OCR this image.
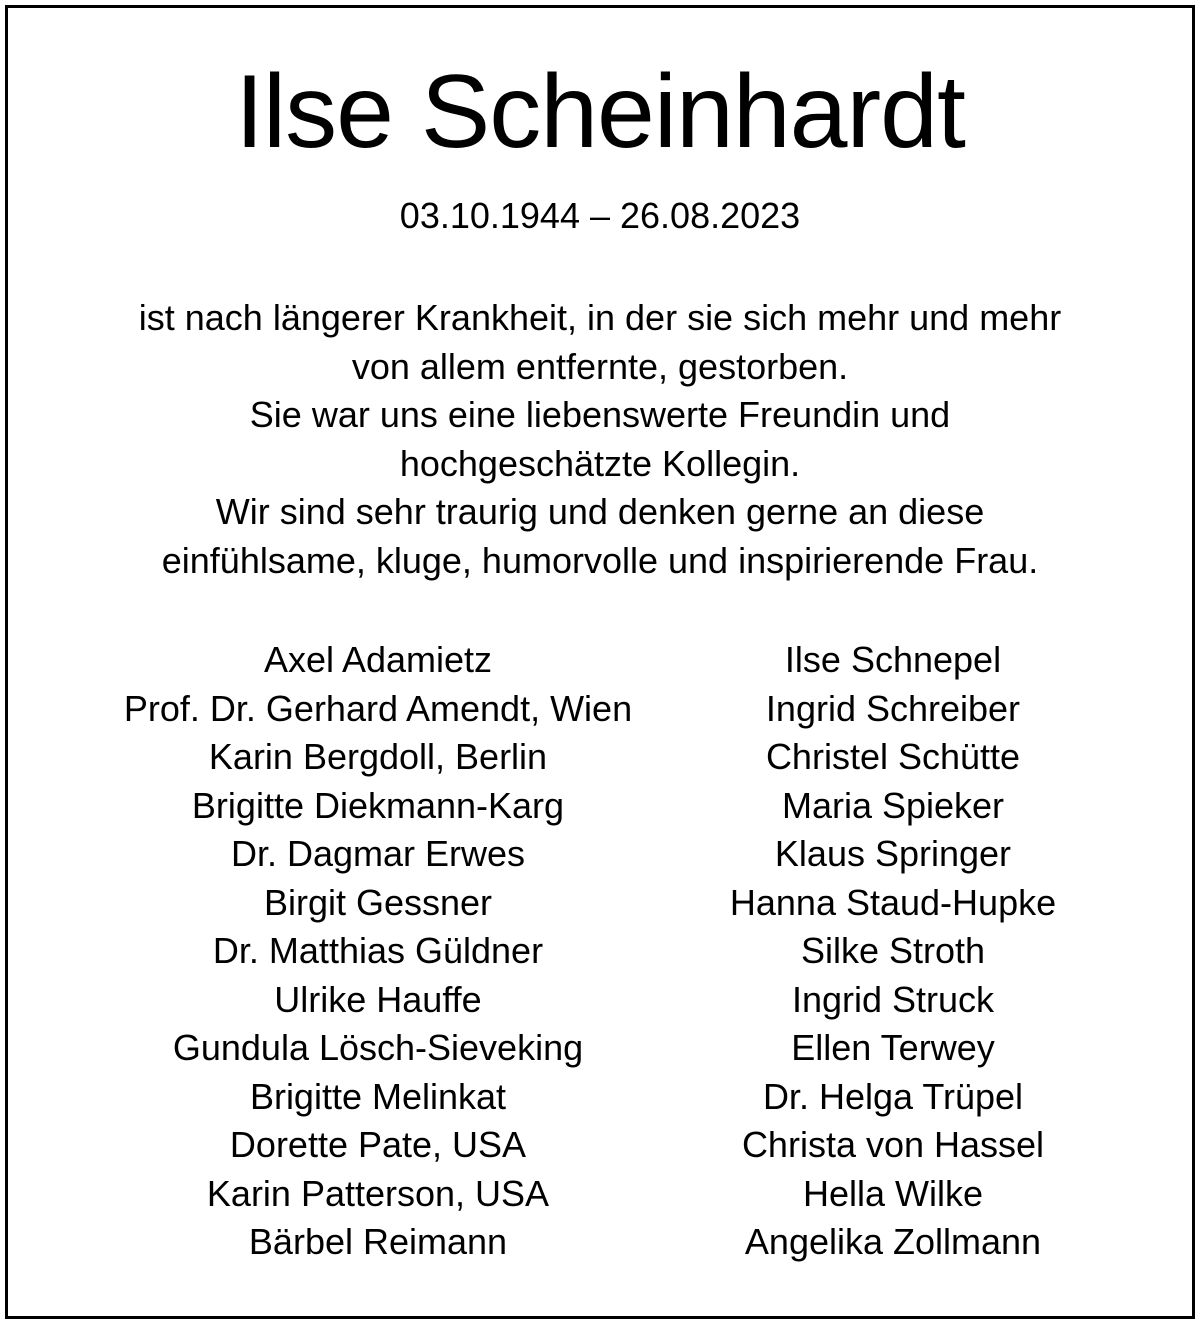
Ilse Scheinhardt
03.10.1944 – 26.08.2023
ist nach längerer Krankheit, in der sie sich mehr und mehr
von allem entfernte, gestorben.
Sie war uns eine liebenswerte Freundin und
hochgeschätzte Kollegin.
Wir sind sehr traurig und denken gerne an diese
einfühlsame, kluge, humorvolle und inspirierende Frau.
Axel Adamietz
Prof. Dr. Gerhard Amendt, Wien
Karin Bergdoll, Berlin
Brigitte Diekmann-Karg
Dr. Dagmar Erwes
Birgit Gessner
Dr. Matthias Güldner
Ulrike Hauffe
Gundula Lösch-Sieveking
Brigitte Melinkat
Dorette Pate, USA
Karin Patterson, USA
Bärbel Reimann
Ilse Schnepel
Ingrid Schreiber
Christel Schütte
Maria Spieker
Klaus Springer
Hanna Staud-Hupke
Silke Stroth
Ingrid Struck
Ellen Terwey
Dr. Helga Trüpel
Christa von Hassel
Hella Wilke
Angelika Zollmann
